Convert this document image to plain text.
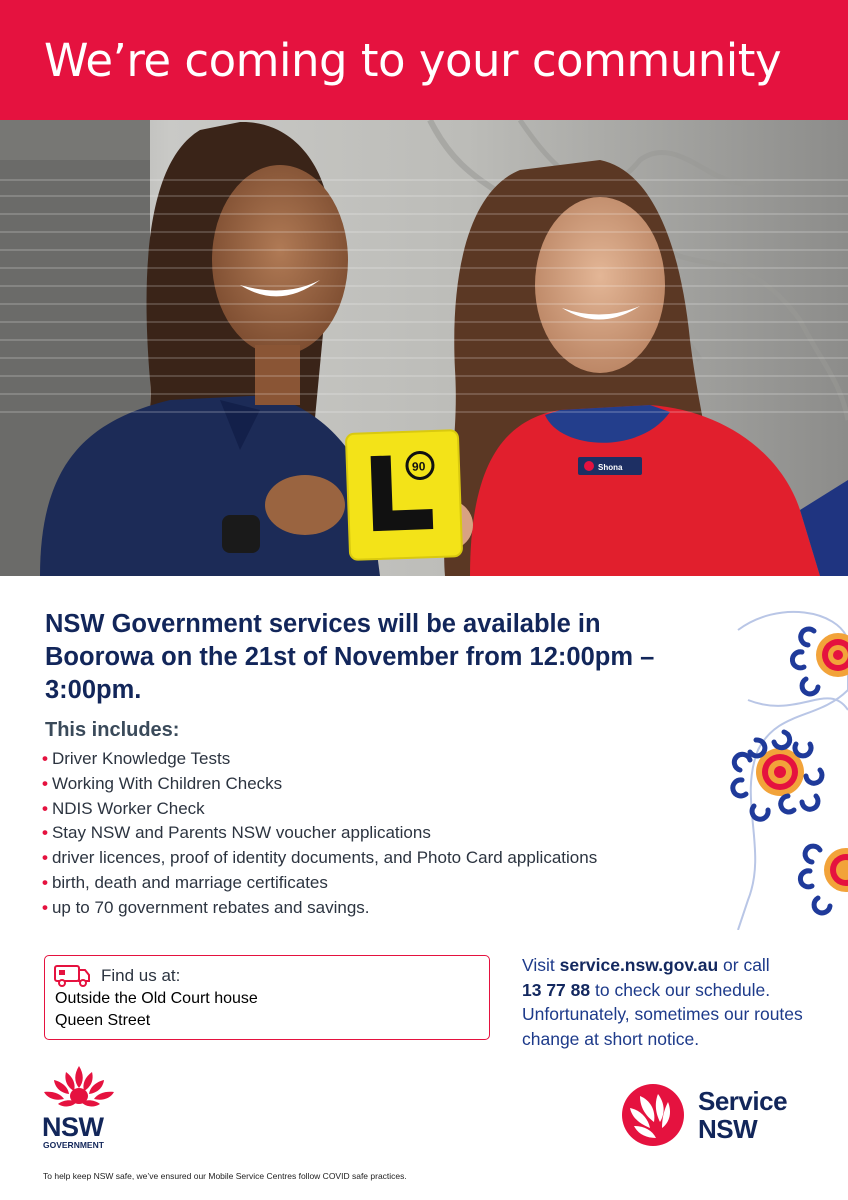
We’re coming to your community
Shona
90
NSW Government services will be available in Boorowa on the 21st of November from 12:00pm – 3:00pm.
This includes:
• Driver Knowledge Tests
• Working With Children Checks
• NDIS Worker Check
• Stay NSW and Parents NSW voucher applications
• driver licences, proof of identity documents, and Photo Card applications
• birth, death and marriage certificates
• up to 70 government rebates and savings.
Find us at:
Outside the Old Court house
Queen Street
Visit service.nsw.gov.au or call
13 77 88 to check our schedule. Unfortunately, sometimes our routes change at short notice.
NSW
GOVERNMENT
Service
NSW
To help keep NSW safe, we’ve ensured our Mobile Service Centres follow COVID safe practices.
